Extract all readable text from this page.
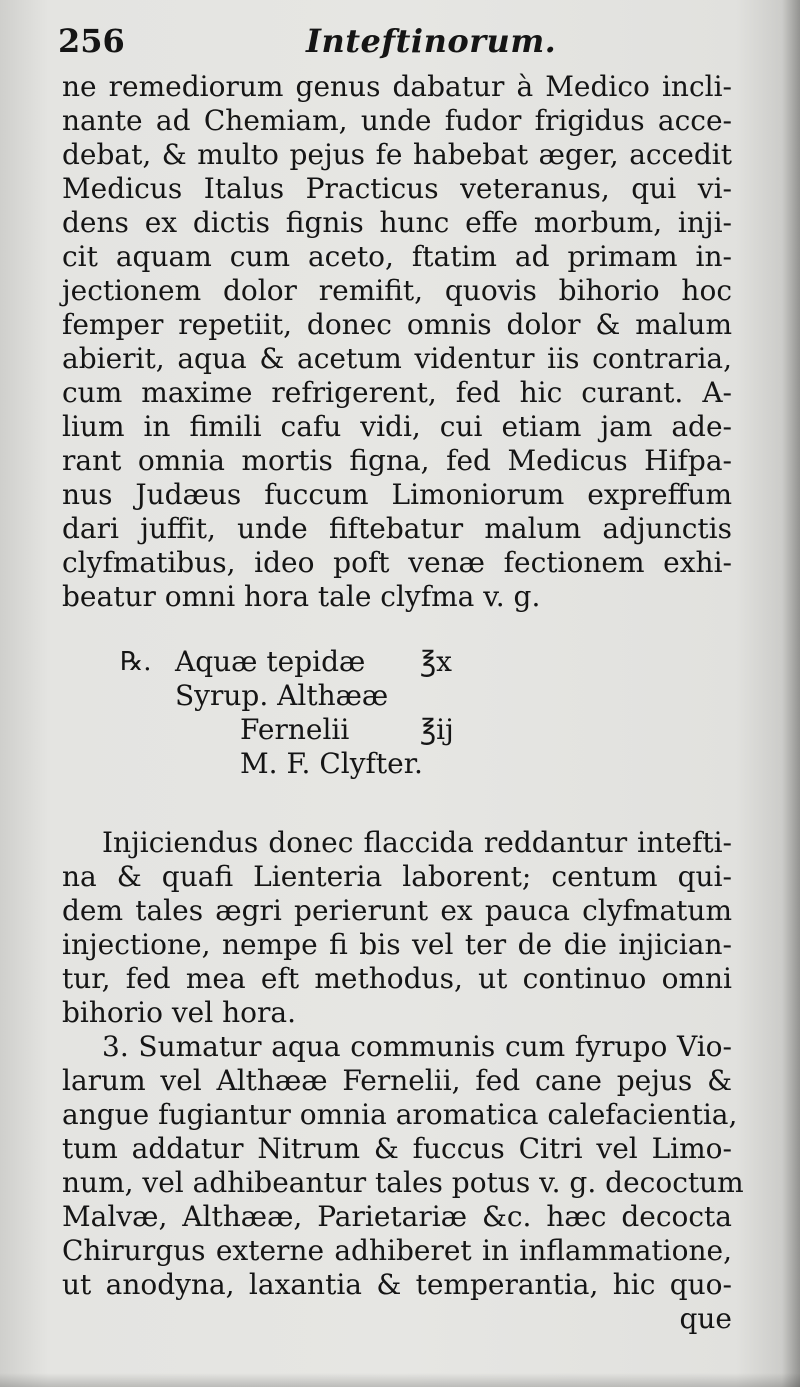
256	Inteftinorum.
ne remediorum genus dabatur à Medico incli-
nante ad Chemiam, unde fudor frigidus acce-
debat, & multo pejus fe habebat æger, accedit
Medicus Italus Practicus veteranus, qui vi-
dens ex dictis fignis hunc effe morbum, inji-
cit aquam cum aceto, ftatim ad primam in-
jectionem dolor remifit, quovis bihorio hoc
femper repetiit, donec omnis dolor & malum
abierit, aqua & acetum videntur iis contraria,
cum maxime refrigerent, fed hic curant. A-
lium in fimili cafu vidi, cui etiam jam ade-
rant omnia mortis figna, fed Medicus Hifpa-
nus Judæus fuccum Limoniorum expreffum
dari juffit, unde fiftebatur malum adjunctis
clyfmatibus, ideo poft venæ fectionem exhi-
beatur omni hora tale clyfma v. g.
℞. Aquæ tepidæ ℥x
Syrup. Althææ
Fernelii	℥ij
M. F. Clyfter.
Injiciendus donec flaccida reddantur intefti-
na & quafi Lienteria laborent; centum qui-
dem tales ægri perierunt ex pauca clyfmatum
injectione, nempe fi bis vel ter de die injician-
tur, fed mea eft methodus, ut continuo omni
bihorio vel hora.
3. Sumatur aqua communis cum fyrupo Vio-
larum vel Althææ Fernelii, fed cane pejus &
angue fugiantur omnia aromatica calefacientia,
tum addatur Nitrum & fuccus Citri vel Limo-
num, vel adhibeantur tales potus v. g. decoctum
Malvæ, Althææ, Parietariæ &c. hæc decocta
Chirurgus externe adhiberet in inflammatione,
ut anodyna, laxantia & temperantia, hic quo-
que
